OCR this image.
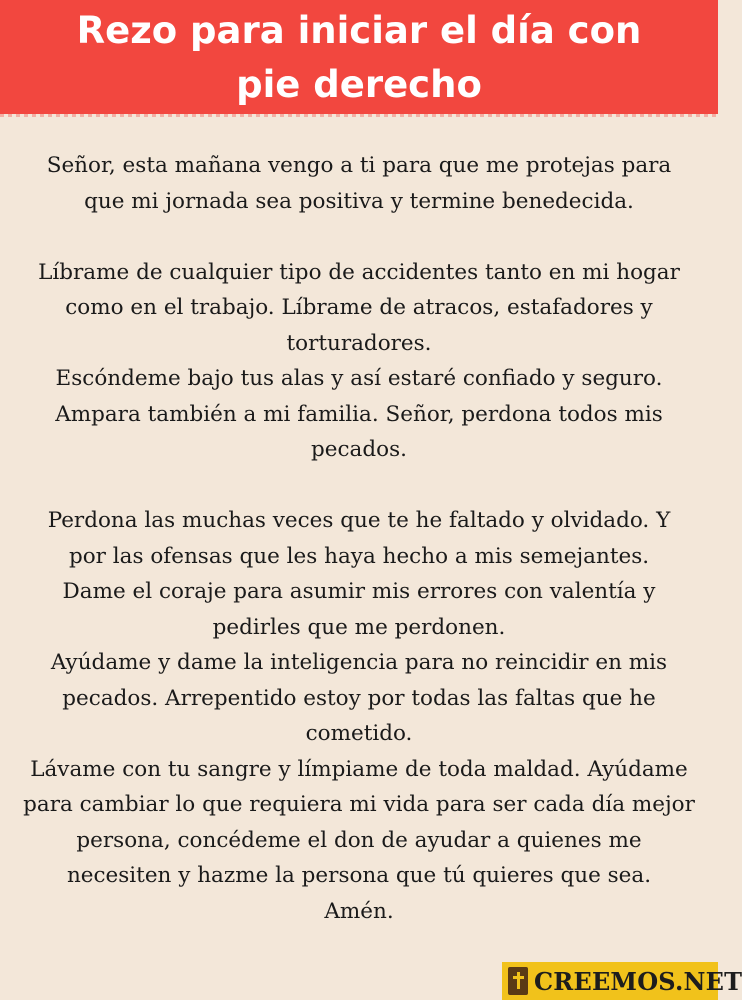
Rezo para iniciar el día con
pie derecho

Señor, esta mañana vengo a ti para que me protejas para
que mi jornada sea positiva y termine benedecida.

Líbrame de cualquier tipo de accidentes tanto en mi hogar
como en el trabajo. Líbrame de atracos, estafadores y
torturadores.
Escóndeme bajo tus alas y así estaré confiado y seguro.
Ampara también a mi familia. Señor, perdona todos mis
pecados.

Perdona las muchas veces que te he faltado y olvidado. Y
por las ofensas que les haya hecho a mis semejantes.
Dame el coraje para asumir mis errores con valentía y
pedirles que me perdonen.
Ayúdame y dame la inteligencia para no reincidir en mis
pecados. Arrepentido estoy por todas las faltas que he
cometido.
Lávame con tu sangre y límpiame de toda maldad. Ayúdame
para cambiar lo que requiera mi vida para ser cada día mejor
persona, concédeme el don de ayudar a quienes me
necesiten y hazme la persona que tú quieres que sea.
Amén.

CREEMOS.NET
